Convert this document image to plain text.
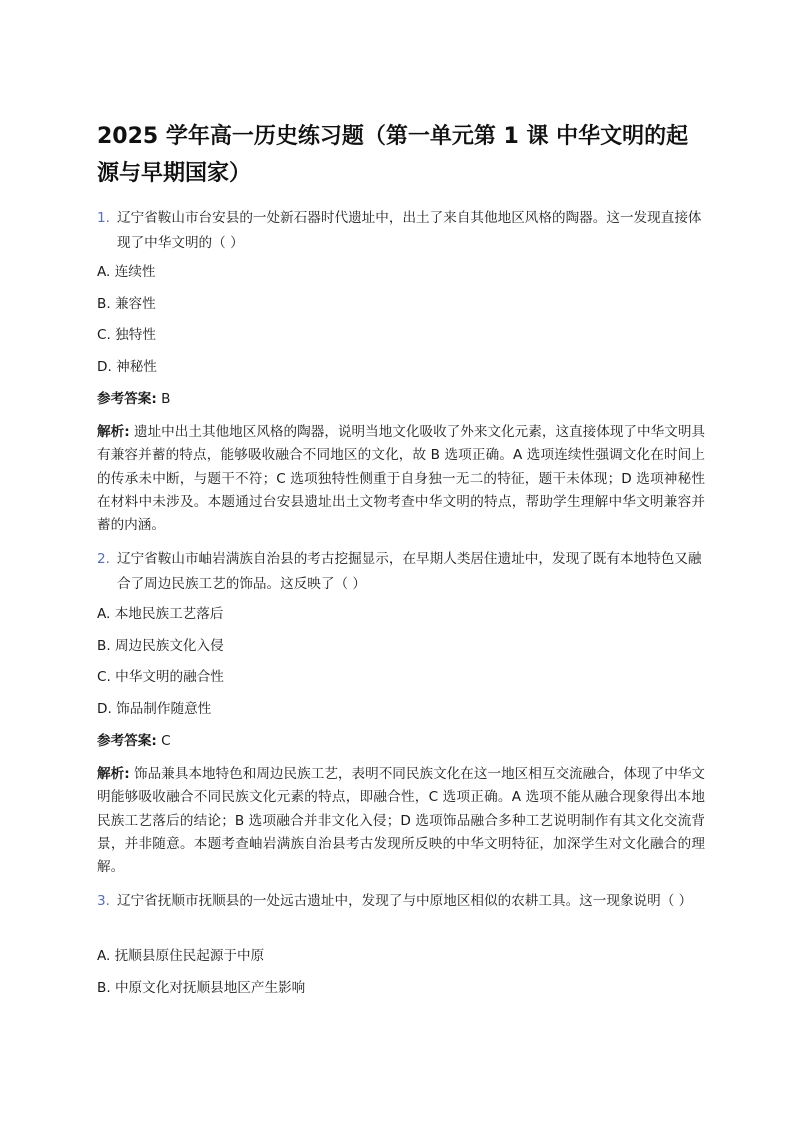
2025 学年高一历史练习题（第一单元第 1 课 中华文明的起源与早期国家）

1. 辽宁省鞍山市台安县的一处新石器时代遗址中，出土了来自其他地区风格的陶器。这一发现直接体现了中华文明的（ ）

A. 连续性

B. 兼容性

C. 独特性

D. 神秘性

参考答案: B

解析: 遗址中出土其他地区风格的陶器，说明当地文化吸收了外来文化元素，这直接体现了中华文明具有兼容并蓄的特点，能够吸收融合不同地区的文化，故 B 选项正确。A 选项连续性强调文化在时间上的传承未中断，与题干不符；C 选项独特性侧重于自身独一无二的特征，题干未体现；D 选项神秘性在材料中未涉及。本题通过台安县遗址出土文物考查中华文明的特点，帮助学生理解中华文明兼容并蓄的内涵。

2. 辽宁省鞍山市岫岩满族自治县的考古挖掘显示，在早期人类居住遗址中，发现了既有本地特色又融合了周边民族工艺的饰品。这反映了（ ）

A. 本地民族工艺落后

B. 周边民族文化入侵

C. 中华文明的融合性

D. 饰品制作随意性

参考答案: C

解析: 饰品兼具本地特色和周边民族工艺，表明不同民族文化在这一地区相互交流融合，体现了中华文明能够吸收融合不同民族文化元素的特点，即融合性，C 选项正确。A 选项不能从融合现象得出本地民族工艺落后的结论；B 选项融合并非文化入侵；D 选项饰品融合多种工艺说明制作有其文化交流背景，并非随意。本题考查岫岩满族自治县考古发现所反映的中华文明特征，加深学生对文化融合的理解。

3. 辽宁省抚顺市抚顺县的一处远古遗址中，发现了与中原地区相似的农耕工具。这一现象说明（ ）

A. 抚顺县原住民起源于中原

B. 中原文化对抚顺县地区产生影响
